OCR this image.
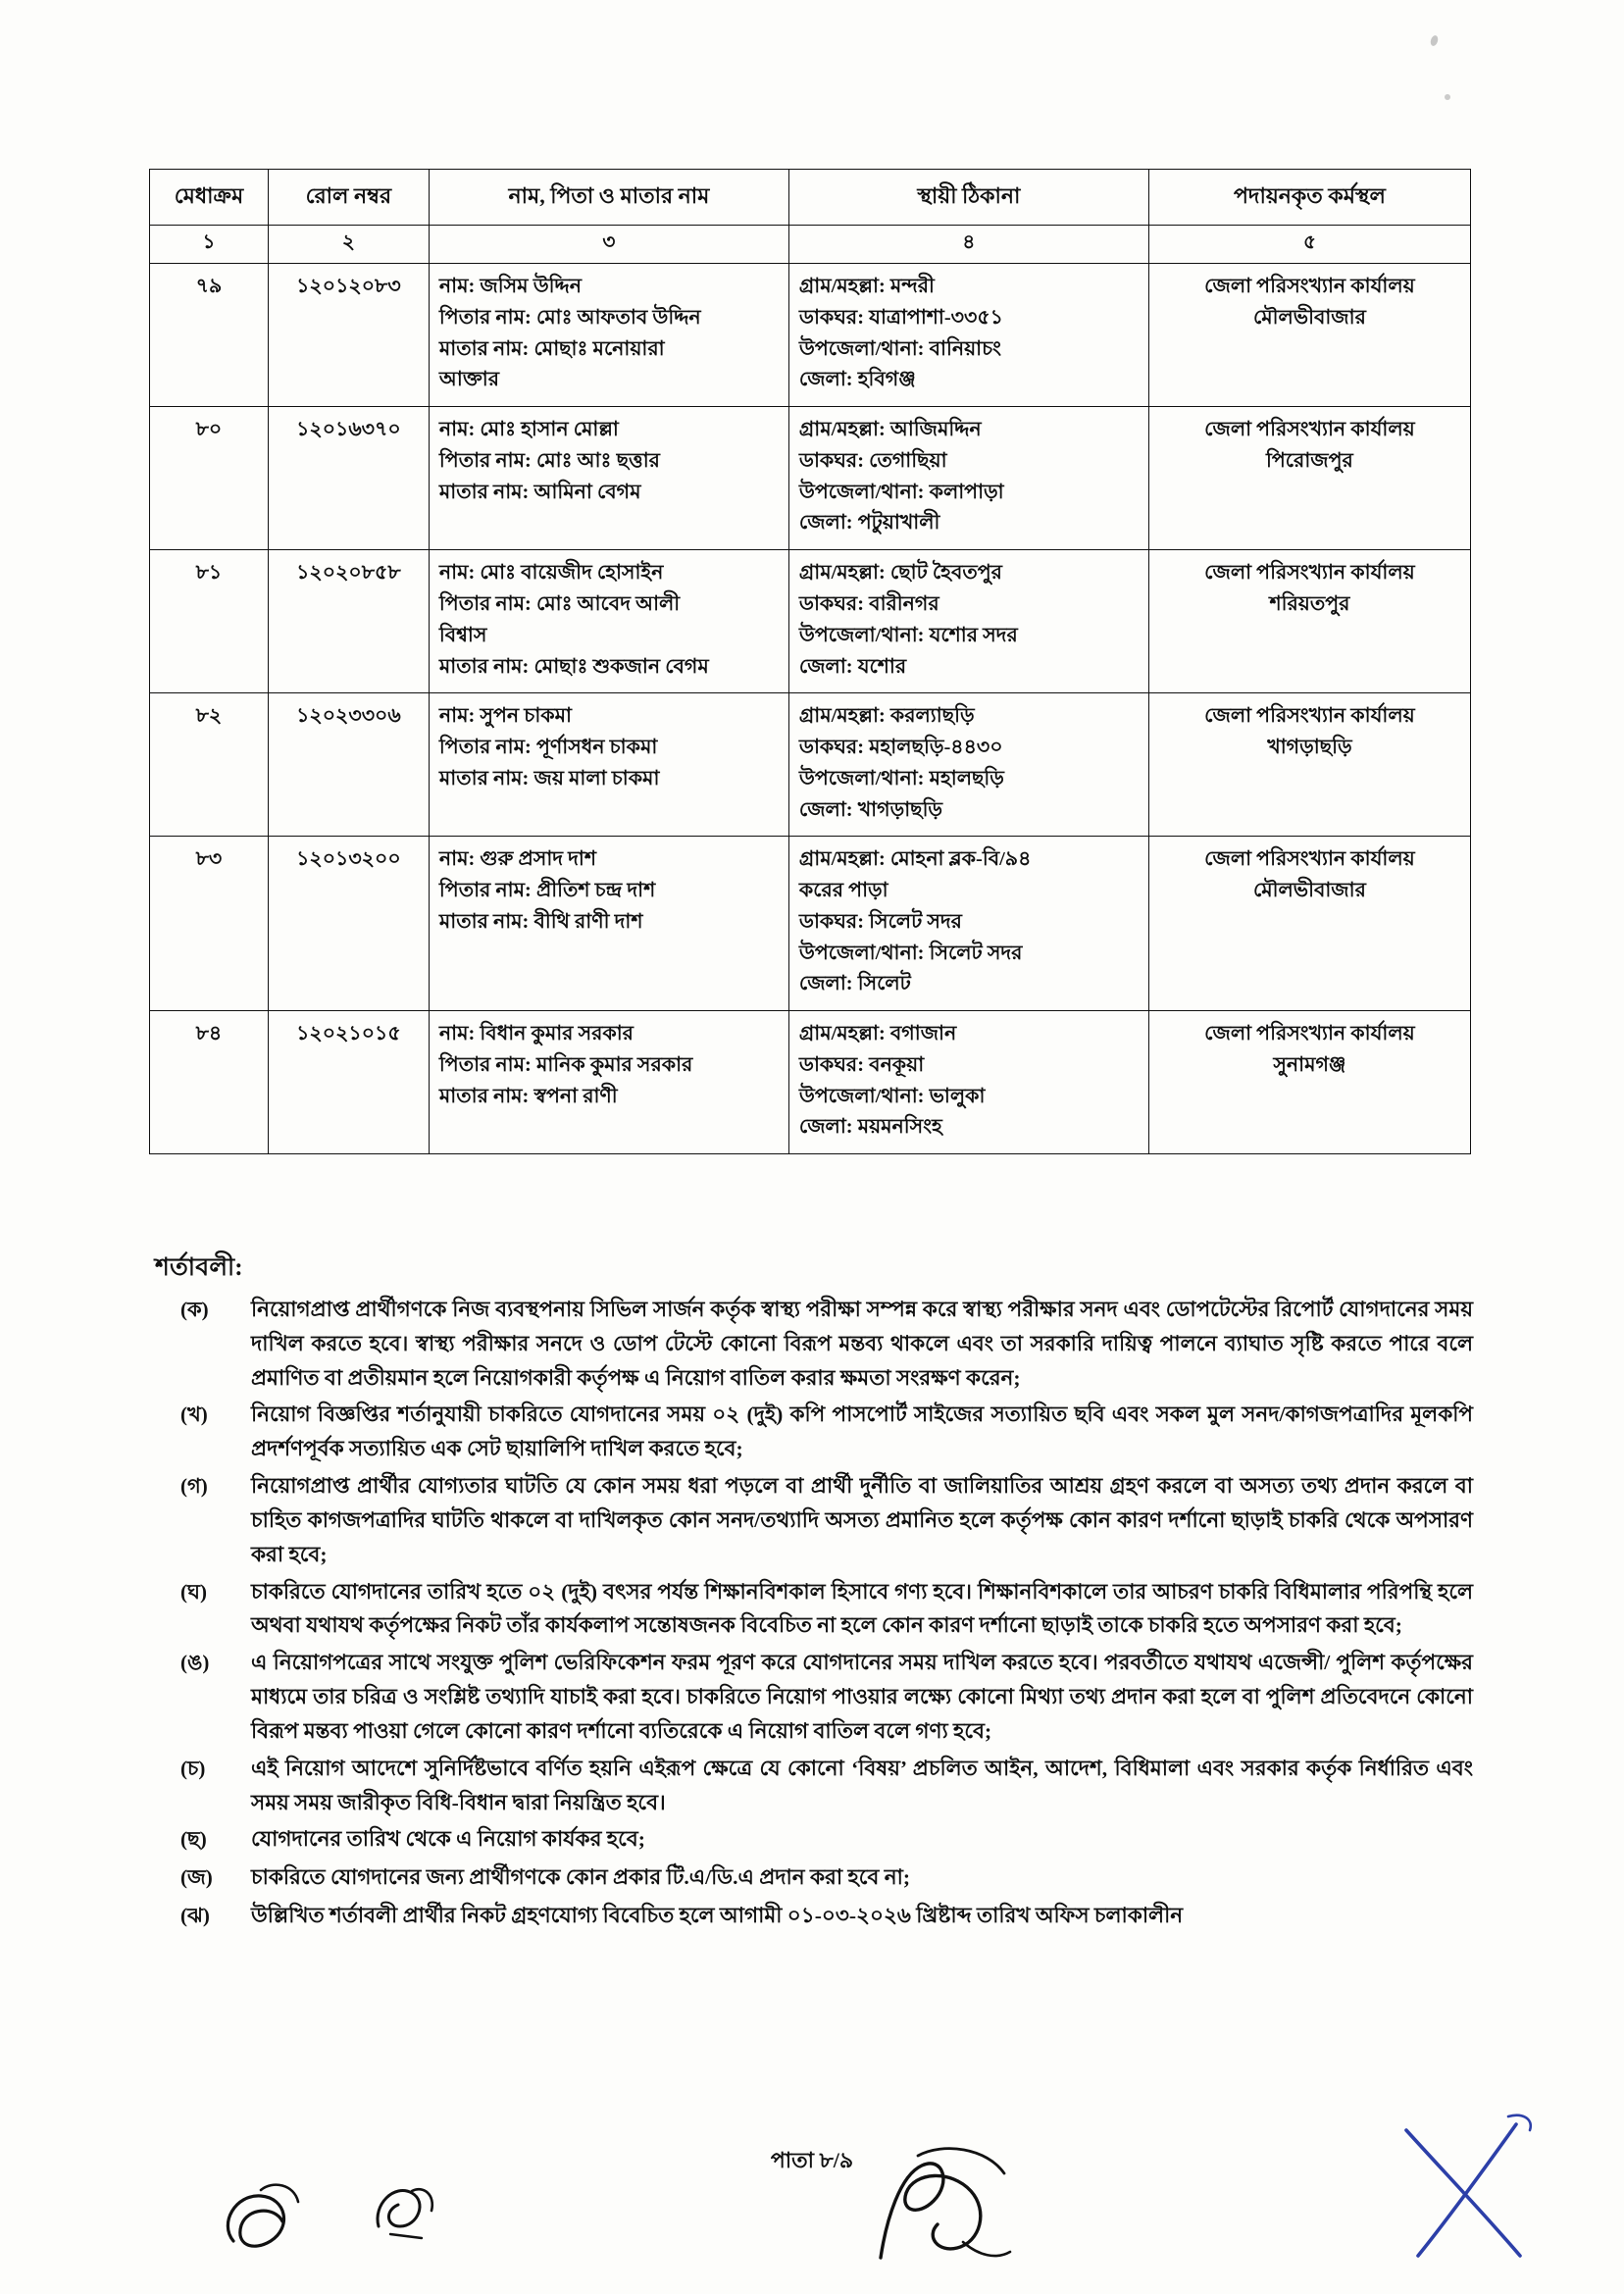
মেধাক্রম	রোল নম্বর	নাম, পিতা ও মাতার নাম	স্থায়ী ঠিকানা	পদায়নকৃত কর্মস্থল
১	২	৩	৪	৫
৭৯	১২০১২০৮৩	নাম: জসিম উদ্দিন
পিতার নাম: মোঃ আফতাব উদ্দিন
মাতার নাম: মোছাঃ মনোয়ারা
আক্তার	গ্রাম/মহল্লা: মন্দরী
ডাকঘর: যাত্রাপাশা-৩৩৫১
উপজেলা/থানা: বানিয়াচং
জেলা: হবিগঞ্জ	জেলা পরিসংখ্যান কার্যালয়
মৌলভীবাজার

৮০	১২০১৬৩৭০	নাম: মোঃ হাসান মোল্লা
পিতার নাম: মোঃ আঃ ছত্তার
মাতার নাম: আমিনা বেগম	গ্রাম/মহল্লা: আজিমদ্দিন
ডাকঘর: তেগাছিয়া
উপজেলা/থানা: কলাপাড়া
জেলা: পটুয়াখালী	জেলা পরিসংখ্যান কার্যালয়
পিরোজপুর

৮১	১২০২০৮৫৮	নাম: মোঃ বায়েজীদ হোসাইন
পিতার নাম: মোঃ আবেদ আলী
বিশ্বাস
মাতার নাম: মোছাঃ শুকজান বেগম	গ্রাম/মহল্লা: ছোট হৈবতপুর
ডাকঘর: বারীনগর
উপজেলা/থানা: যশোর সদর
জেলা: যশোর	জেলা পরিসংখ্যান কার্যালয়
শরিয়তপুর

৮২	১২০২৩৩০৬	নাম: সুপন চাকমা
পিতার নাম: পূর্ণাসধন চাকমা
মাতার নাম: জয় মালা চাকমা	গ্রাম/মহল্লা: করল্যাছড়ি
ডাকঘর: মহালছড়ি-৪৪৩০
উপজেলা/থানা: মহালছড়ি
জেলা: খাগড়াছড়ি	জেলা পরিসংখ্যান কার্যালয়
খাগড়াছড়ি

৮৩	১২০১৩২০০	নাম: গুরু প্রসাদ দাশ
পিতার নাম: প্রীতিশ চন্দ্র দাশ
মাতার নাম: বীথি রাণী দাশ	গ্রাম/মহল্লা: মোহনা ব্লক-বি/৯৪
করের পাড়া
ডাকঘর: সিলেট সদর
উপজেলা/থানা: সিলেট সদর
জেলা: সিলেট	জেলা পরিসংখ্যান কার্যালয়
মৌলভীবাজার

৮৪	১২০২১০১৫	নাম: বিধান কুমার সরকার
পিতার নাম: মানিক কুমার সরকার
মাতার নাম: স্বপনা রাণী	গ্রাম/মহল্লা: বগাজান
ডাকঘর: বনকূয়া
উপজেলা/থানা: ভালুকা
জেলা: ময়মনসিংহ	জেলা পরিসংখ্যান কার্যালয়
সুনামগঞ্জ
শর্তাবলী:
(ক)	নিয়োগপ্রাপ্ত প্রার্থীগণকে নিজ ব্যবস্থপনায় সিভিল সার্জন কর্তৃক স্বাস্থ্য পরীক্ষা সম্পন্ন করে স্বাস্থ্য পরীক্ষার সনদ এবং ডোপটেস্টের রিপোর্ট যোগদানের সময় দাখিল করতে হবে। স্বাস্থ্য পরীক্ষার সনদে ও ডোপ টেস্টে কোনো বিরূপ মন্তব্য থাকলে এবং তা সরকারি দায়িত্ব পালনে ব্যাঘাত সৃষ্টি করতে পারে বলে প্রমাণিত বা প্রতীয়মান হলে নিয়োগকারী কর্তৃপক্ষ এ নিয়োগ বাতিল করার ক্ষমতা সংরক্ষণ করেন;
(খ)	নিয়োগ বিজ্ঞপ্তির শর্তানুযায়ী চাকরিতে যোগদানের সময় ০২ (দুই) কপি পাসপোর্ট সাইজের সত্যায়িত ছবি এবং সকল মুল সনদ/কাগজপত্রাদির মূলকপি প্রদর্শণপূর্বক সত্যায়িত এক সেট ছায়ালিপি দাখিল করতে হবে;
(গ)	নিয়োগপ্রাপ্ত প্রার্থীর যোগ্যতার ঘাটতি যে কোন সময় ধরা পড়লে বা প্রার্থী দুর্নীতি বা জালিয়াতির আশ্রয় গ্রহণ করলে বা অসত্য তথ্য প্রদান করলে বা চাহিত কাগজপত্রাদির ঘাটতি থাকলে বা দাখিলকৃত কোন সনদ/তথ্যাদি অসত্য প্রমানিত হলে কর্তৃপক্ষ কোন কারণ দর্শানো ছাড়াই চাকরি থেকে অপসারণ করা হবে;
(ঘ)	চাকরিতে যোগদানের তারিখ হতে ০২ (দুই) বৎসর পর্যন্ত শিক্ষানবিশকাল হিসাবে গণ্য হবে। শিক্ষানবিশকালে তার আচরণ চাকরি বিধিমালার পরিপন্থি হলে অথবা যথাযথ কর্তৃপক্ষের নিকট তাঁর কার্যকলাপ সন্তোষজনক বিবেচিত না হলে কোন কারণ দর্শানো ছাড়াই তাকে চাকরি হতে অপসারণ করা হবে;
(ঙ)	এ নিয়োগপত্রের সাথে সংযুক্ত পুলিশ ভেরিফিকেশন ফরম পূরণ করে যোগদানের সময় দাখিল করতে হবে। পরবর্তীতে যথাযথ এজেন্সী/ পুলিশ কর্তৃপক্ষের মাধ্যমে তার চরিত্র ও সংশ্লিষ্ট তথ্যাদি যাচাই করা হবে। চাকরিতে নিয়োগ পাওয়ার লক্ষ্যে কোনো মিথ্যা তথ্য প্রদান করা হলে বা পুলিশ প্রতিবেদনে কোনো বিরূপ মন্তব্য পাওয়া গেলে কোনো কারণ দর্শানো ব্যতিরেকে এ নিয়োগ বাতিল বলে গণ্য হবে;
(চ)	এই নিয়োগ আদেশে সুনির্দিষ্টভাবে বর্ণিত হয়নি এইরূপ ক্ষেত্রে যে কোনো ‘বিষয়’ প্রচলিত আইন, আদেশ, বিধিমালা এবং সরকার কর্তৃক নির্ধারিত এবং সময় সময় জারীকৃত বিধি-বিধান দ্বারা নিয়ন্ত্রিত হবে।
(ছ)	যোগদানের তারিখ থেকে এ নিয়োগ কার্যকর হবে;
(জ)	চাকরিতে যোগদানের জন্য প্রার্থীগণকে কোন প্রকার টি.এ/ডি.এ প্রদান করা হবে না;
(ঝ)	উল্লিখিত শর্তাবলী প্রার্থীর নিকট গ্রহণযোগ্য বিবেচিত হলে আগামী ০১-০৩-২০২৬ খ্রিষ্টাব্দ তারিখ অফিস চলাকালীন
পাতা ৮/৯
